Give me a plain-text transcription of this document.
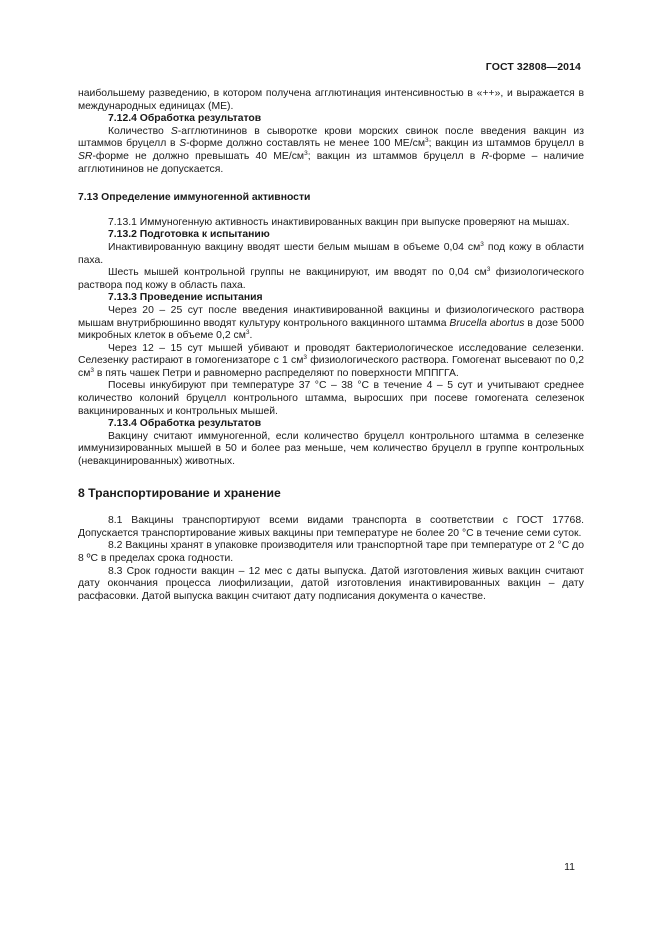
ГОСТ 32808—2014

наибольшему разведению, в котором получена агглютинация интенсивностью в «++», и выражается в международных единицах (МЕ).

7.12.4 Обработка результатов

Количество S-агглютининов в сыворотке крови морских свинок после введения вакцин из штаммов бруцелл в S-форме должно составлять не менее 100 $МЕ/см^3$; вакцин из штаммов бруцелл в SR-форме не должно превышать 40 $МЕ/см^3$; вакцин из штаммов бруцелл в R-форме – наличие агглютининов не допускается.

7.13 Определение иммуногенной активности

7.13.1 Иммуногенную активность инактивированных вакцин при выпуске проверяют на мышах.

7.13.2 Подготовка к испытанию

Инактивированную вакцину вводят шести белым мышам в объеме 0,04 $см^3$ под кожу в области паха.

Шесть мышей контрольной группы не вакцинируют, им вводят по 0,04 $см^3$ физиологического раствора под кожу в область паха.

7.13.3 Проведение испытания

Через 20 – 25 сут после введения инактивированной вакцины и физиологического раствора мышам внутрибрюшинно вводят культуру контрольного вакцинного штамма Brucella abortus в дозе 5000 микробных клеток в объеме 0,2 $см^3$.

Через 12 – 15 сут мышей убивают и проводят бактериологическое исследование селезенки. Селезенку растирают в гомогенизаторе с 1 $см^3$ физиологического раствора. Гомогенат высевают по 0,2 $см^3$ в пять чашек Петри и равномерно распределяют по поверхности МППГГА.

Посевы инкубируют при температуре 37 °С – 38 °С в течение 4 – 5 сут и учитывают среднее количество колоний бруцелл контрольного штамма, выросших при посеве гомогената селезенок вакцинированных и контрольных мышей.

7.13.4 Обработка результатов

Вакцину считают иммуногенной, если количество бруцелл контрольного штамма в селезенке иммунизированных мышей в 50 и более раз меньше, чем количество бруцелл в группе контрольных (невакцинированных) животных.

8 Транспортирование и хранение

8.1 Вакцины транспортируют всеми видами транспорта в соответствии с ГОСТ 17768. Допускается транспортирование живых вакцины при температуре не более 20 °С в течение семи суток.

8.2 Вакцины хранят в упаковке производителя или транспортной таре при температуре от 2 °С до 8 ºС в пределах срока годности.

8.3 Срок годности вакцин – 12 мес с даты выпуска. Датой изготовления живых вакцин считают дату окончания процесса лиофилизации, датой изготовления инактивированных вакцин – дату расфасовки. Датой выпуска вакцин считают дату подписания документа о качестве.

11
